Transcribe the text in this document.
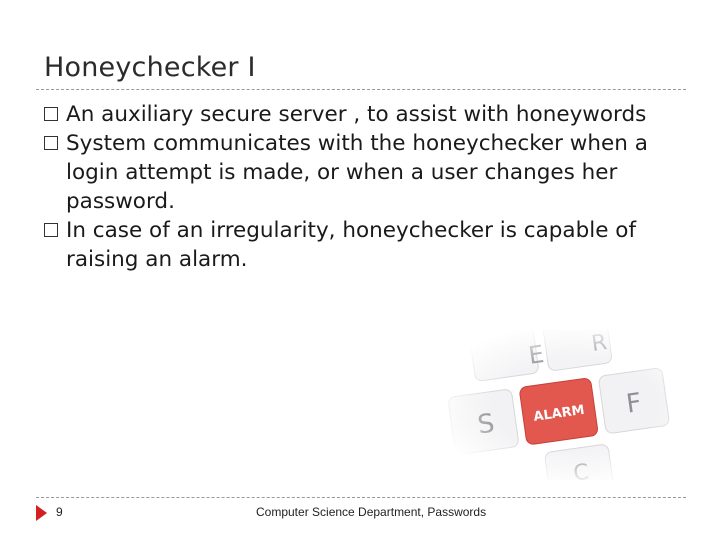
Honeychecker I
An auxiliary secure server , to assist with honeywords
System communicates with the honeychecker when a login attempt is made, or when a user changes her password.
In case of an irregularity, honeychecker is capable of raising an alarm.
9	Computer Science Department, Passwords
